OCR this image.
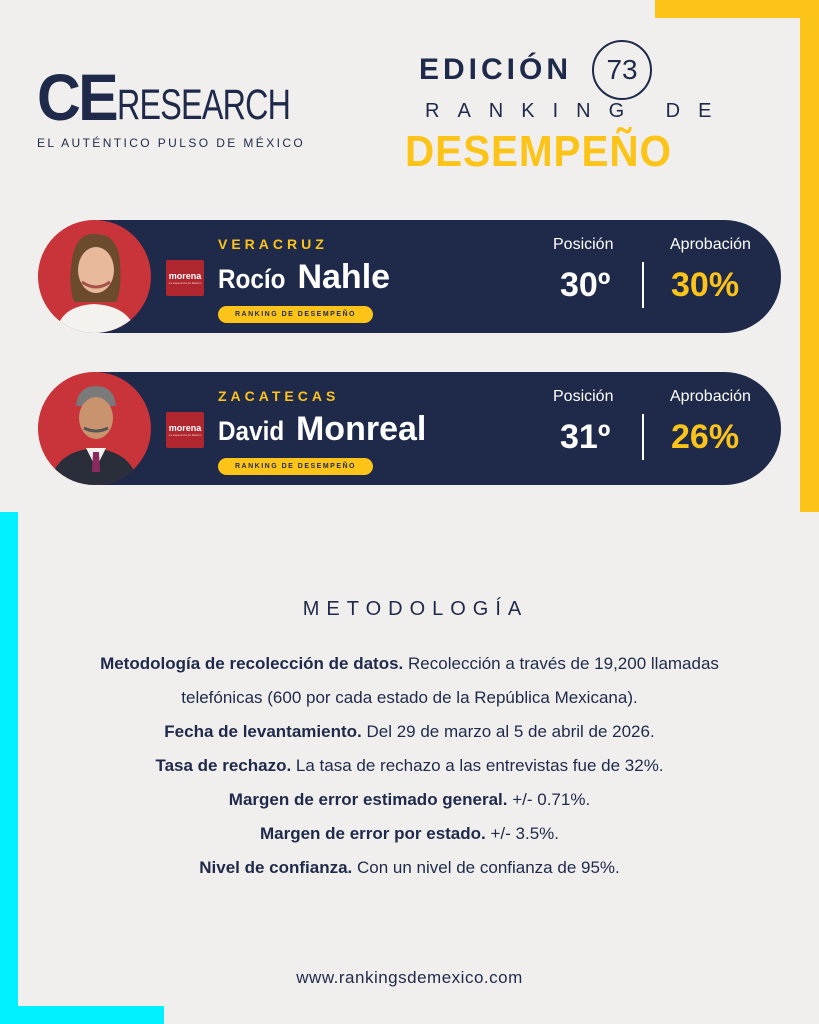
CE RESEARCH
EL AUTÉNTICO PULSO DE MÉXICO
EDICIÓN	73
RANKING DE
DESEMPEÑO
morena
La esperanza de México
VERACRUZ
Rocío Nahle
RANKING DE DESEMPEÑO
Posición	Aprobación
30º 30%
morena
La esperanza de México
ZACATECAS
David Monreal
RANKING DE DESEMPEÑO
Posición	Aprobación
31º 26%
METODOLOGÍA
Metodología de recolección de datos. Recolección a través de 19,200 llamadas
telefónicas (600 por cada estado de la República Mexicana).
Fecha de levantamiento. Del 29 de marzo al 5 de abril de 2026.
Tasa de rechazo. La tasa de rechazo a las entrevistas fue de 32%.
Margen de error estimado general. +/- 0.71%.
Margen de error por estado. +/- 3.5%.
Nivel de confianza. Con un nivel de confianza de 95%.
www.rankingsdemexico.com
